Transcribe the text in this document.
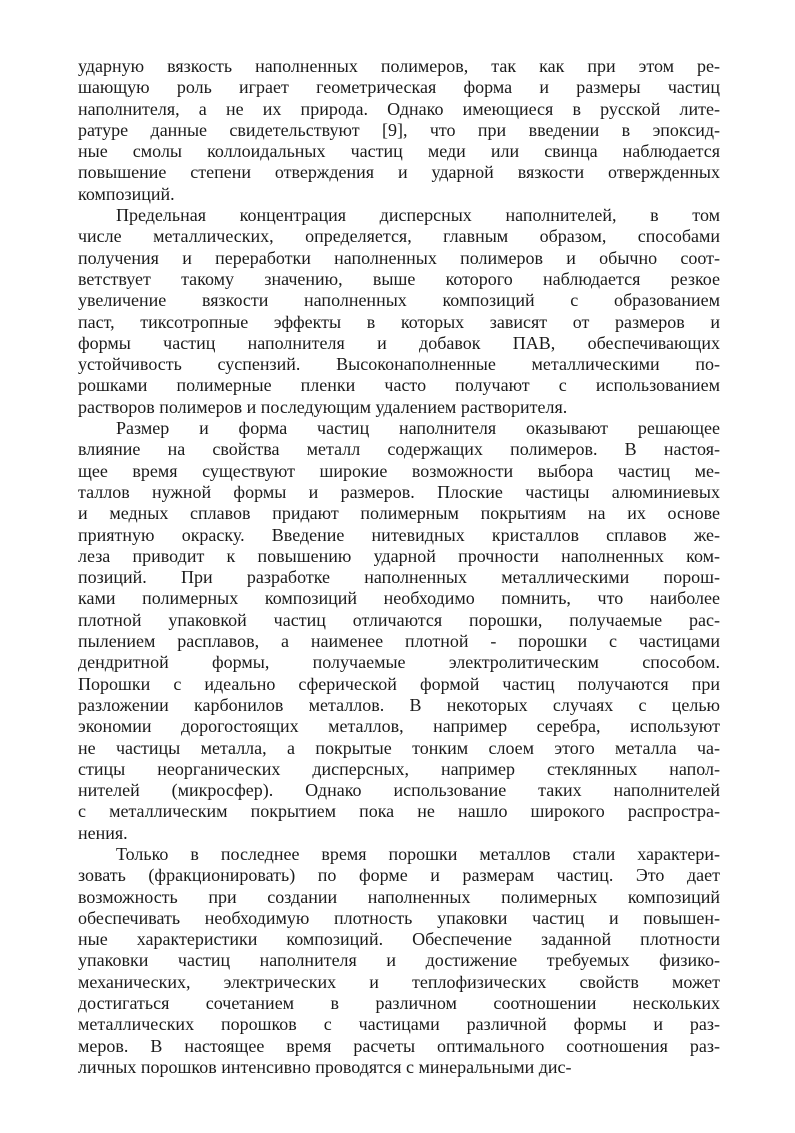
ударную вязкость наполненных полимеров, так как при этом ре-
шающую роль играет геометрическая форма и размеры частиц
наполнителя, а не их природа. Однако имеющиеся в русской лите-
ратуре данные свидетельствуют [9], что при введении в эпоксид-
ные смолы коллоидальных частиц меди или свинца наблюдается
повышение степени отверждения и ударной вязкости отвержденных
композиций.
Предельная концентрация дисперсных наполнителей, в том
числе металлических, определяется, главным образом, способами
получения и переработки наполненных полимеров и обычно соот-
ветствует такому значению, выше которого наблюдается резкое
увеличение вязкости наполненных композиций с образованием
паст, тиксотропные эффекты в которых зависят от размеров и
формы частиц наполнителя и добавок ПАВ, обеспечивающих
устойчивость суспензий. Высоконаполненные металлическими по-
рошками полимерные пленки часто получают с использованием
растворов полимеров и последующим удалением растворителя.
Размер и форма частиц наполнителя оказывают решающее
влияние на свойства металл содержащих полимеров. В настоя-
щее время существуют широкие возможности выбора частиц ме-
таллов нужной формы и размеров. Плоские частицы алюминиевых
и медных сплавов придают полимерным покрытиям на их основе
приятную окраску. Введение нитевидных кристаллов сплавов же-
леза приводит к повышению ударной прочности наполненных ком-
позиций. При разработке наполненных металлическими порош-
ками полимерных композиций необходимо помнить, что наиболее
плотной упаковкой частиц отличаются порошки, получаемые рас-
пылением расплавов, а наименее плотной - порошки с частицами
дендритной формы, получаемые электролитическим способом.
Порошки с идеально сферической формой частиц получаются при
разложении карбонилов металлов. В некоторых случаях с целью
экономии дорогостоящих металлов, например серебра, используют
не частицы металла, а покрытые тонким слоем этого металла ча-
стицы неорганических дисперсных, например стеклянных напол-
нителей (микросфер). Однако использование таких наполнителей
с металлическим покрытием пока не нашло широкого распростра-
нения.
Только в последнее время порошки металлов стали характери-
зовать (фракционировать) по форме и размерам частиц. Это дает
возможность при создании наполненных полимерных композиций
обеспечивать необходимую плотность упаковки частиц и повышен-
ные характеристики композиций. Обеспечение заданной плотности
упаковки частиц наполнителя и достижение требуемых физико-
механических, электрических и теплофизических свойств может
достигаться сочетанием в различном соотношении нескольких
металлических порошков с частицами различной формы и раз-
меров. В настоящее время расчеты оптимального соотношения раз-
личных порошков интенсивно проводятся с минеральными дис-
